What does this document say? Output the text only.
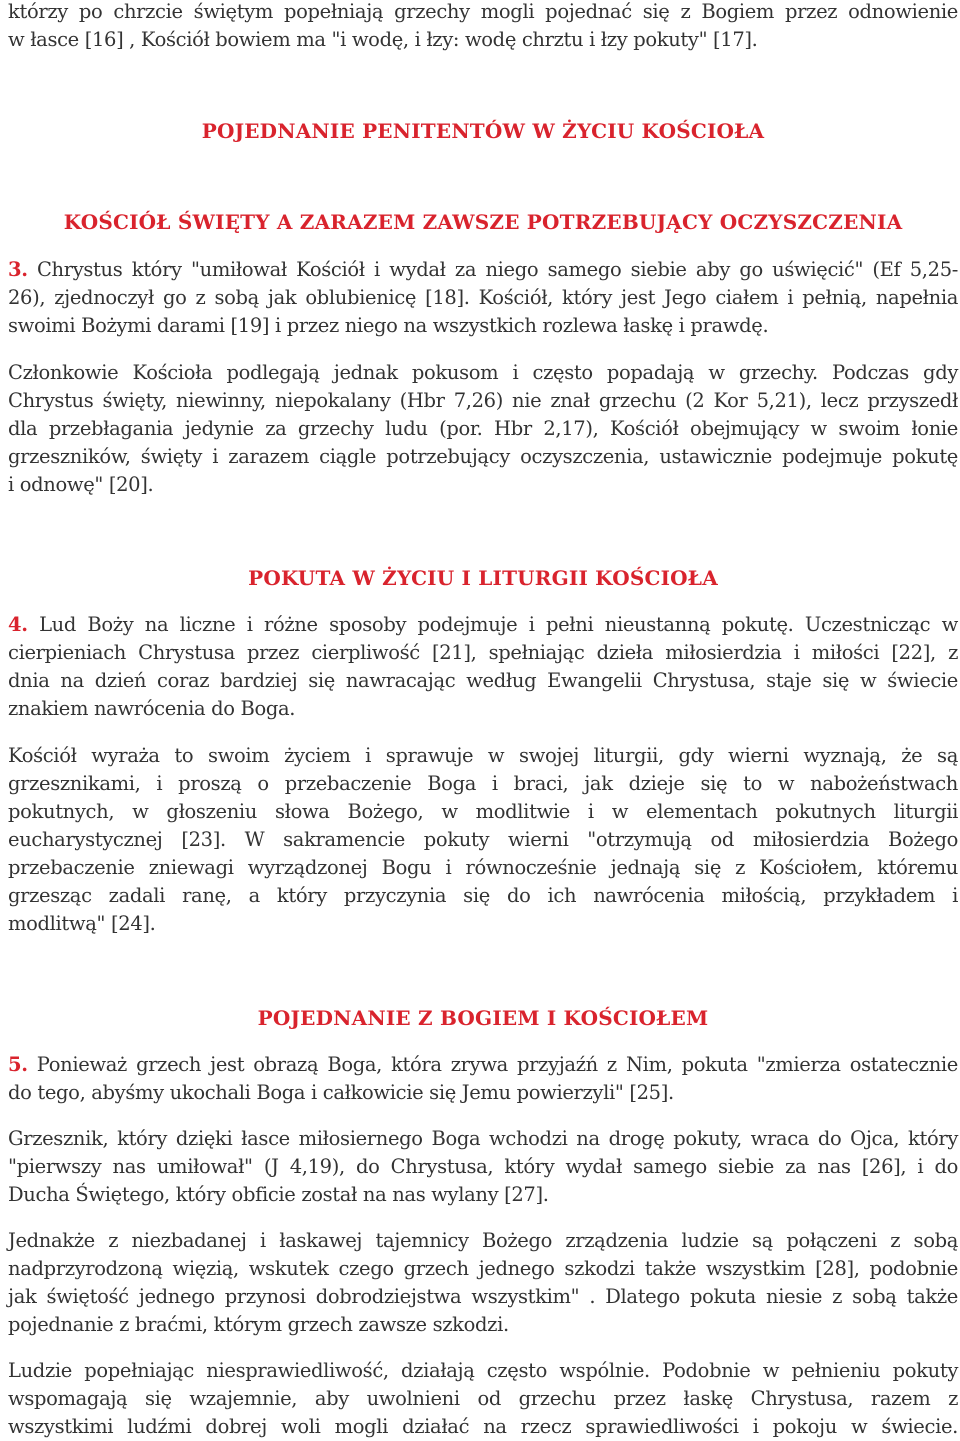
którzy po chrzcie świętym popełniają grzechy mogli pojednać się z Bogiem przez odnowienie
w łasce [16] , Kościół bowiem ma "i wodę, i łzy: wodę chrztu i łzy pokuty" [17].
POJEDNANIE PENITENTÓW W ŻYCIU KOŚCIOŁA
KOŚCIÓŁ ŚWIĘTY A ZARAZEM ZAWSZE POTRZEBUJĄCY OCZYSZCZENIA
3. Chrystus który "umiłował Kościół i wydał za niego samego siebie aby go uświęcić" (Ef 5,25-
26), zjednoczył go z sobą jak oblubienicę [18]. Kościół, który jest Jego ciałem i pełnią, napełnia
swoimi Bożymi darami [19] i przez niego na wszystkich rozlewa łaskę i prawdę.
Członkowie Kościoła podlegają jednak pokusom i często popadają w grzechy. Podczas gdy
Chrystus święty, niewinny, niepokalany (Hbr 7,26) nie znał grzechu (2 Kor 5,21), lecz przyszedł
dla przebłagania jedynie za grzechy ludu (por. Hbr 2,17), Kościół obejmujący w swoim łonie
grzeszników, święty i zarazem ciągle potrzebujący oczyszczenia, ustawicznie podejmuje pokutę
i odnowę" [20].
POKUTA W ŻYCIU I LITURGII KOŚCIOŁA
4. Lud Boży na liczne i różne sposoby podejmuje i pełni nieustanną pokutę. Uczestnicząc w
cierpieniach Chrystusa przez cierpliwość [21], spełniając dzieła miłosierdzia i miłości [22], z
dnia na dzień coraz bardziej się nawracając według Ewangelii Chrystusa, staje się w świecie
znakiem nawrócenia do Boga.
Kościół wyraża to swoim życiem i sprawuje w swojej liturgii, gdy wierni wyznają, że są
grzesznikami, i proszą o przebaczenie Boga i braci, jak dzieje się to w nabożeństwach
pokutnych, w głoszeniu słowa Bożego, w modlitwie i w elementach pokutnych liturgii
eucharystycznej [23]. W sakramencie pokuty wierni "otrzymują od miłosierdzia Bożego
przebaczenie zniewagi wyrządzonej Bogu i równocześnie jednają się z Kościołem, któremu
grzesząc zadali ranę, a który przyczynia się do ich nawrócenia miłością, przykładem i
modlitwą" [24].
POJEDNANIE Z BOGIEM I KOŚCIOŁEM
5. Ponieważ grzech jest obrazą Boga, która zrywa przyjaźń z Nim, pokuta "zmierza ostatecznie
do tego, abyśmy ukochali Boga i całkowicie się Jemu powierzyli" [25].
Grzesznik, który dzięki łasce miłosiernego Boga wchodzi na drogę pokuty, wraca do Ojca, który
"pierwszy nas umiłował" (J 4,19), do Chrystusa, który wydał samego siebie za nas [26], i do
Ducha Świętego, który obficie został na nas wylany [27].
Jednakże z niezbadanej i łaskawej tajemnicy Bożego zrządzenia ludzie są połączeni z sobą
nadprzyrodzoną więzią, wskutek czego grzech jednego szkodzi także wszystkim [28], podobnie
jak świętość jednego przynosi dobrodziejstwa wszystkim" . Dlatego pokuta niesie z sobą także
pojednanie z braćmi, którym grzech zawsze szkodzi.
Ludzie popełniając niesprawiedliwość, działają często wspólnie. Podobnie w pełnieniu pokuty
wspomagają się wzajemnie, aby uwolnieni od grzechu przez łaskę Chrystusa, razem z
wszystkimi ludźmi dobrej woli mogli działać na rzecz sprawiedliwości i pokoju w świecie.
